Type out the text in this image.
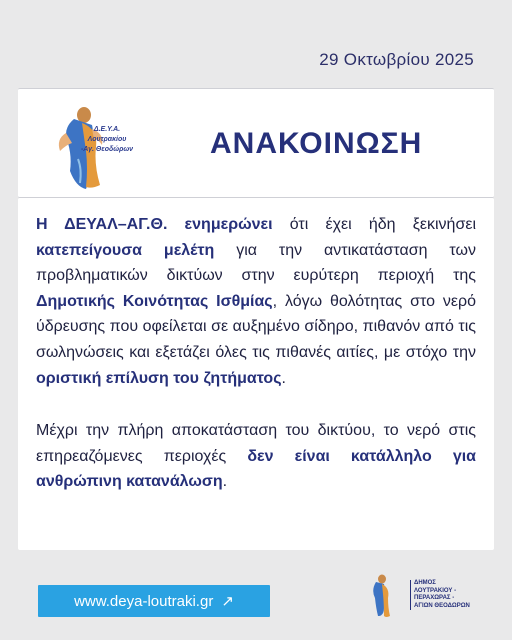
29 Οκτωβρίου 2025
Δ.Ε.Υ.Α. Λουτρακίου
-Αγ. Θεοδώρων	ΑΝΑΚΟΙΝΩΣΗ
Η ΔΕΥΑΛ–ΑΓ.Θ. ενημερώνει ότι έχει ήδη ξεκινήσει κατεπείγουσα μελέτη για την αντικατάσταση των προβληματικών δικτύων στην ευρύτερη περιοχή της Δημοτικής Κοινότητας Ισθμίας, λόγω θολότητας στο νερό ύδρευσης που οφείλεται σε αυξημένο σίδηρο, πιθανόν από τις σωληνώσεις και εξετάζει όλες τις πιθανές αιτίες, με στόχο την οριστική επίλυση του ζητήματος.
Μέχρι την πλήρη αποκατάσταση του δικτύου, το νερό στις επηρεαζόμενες περιοχές δεν είναι κατάλληλο για ανθρώπινη κατανάλωση.
www.deya-loutraki.gr ↗
ΔΗΜΟΣ
ΛΟΥΤΡΑΚΙΟΥ -
ΠΕΡΑΧΩΡΑΣ -
ΑΓΙΩΝ ΘΕΟΔΩΡΩΝ
